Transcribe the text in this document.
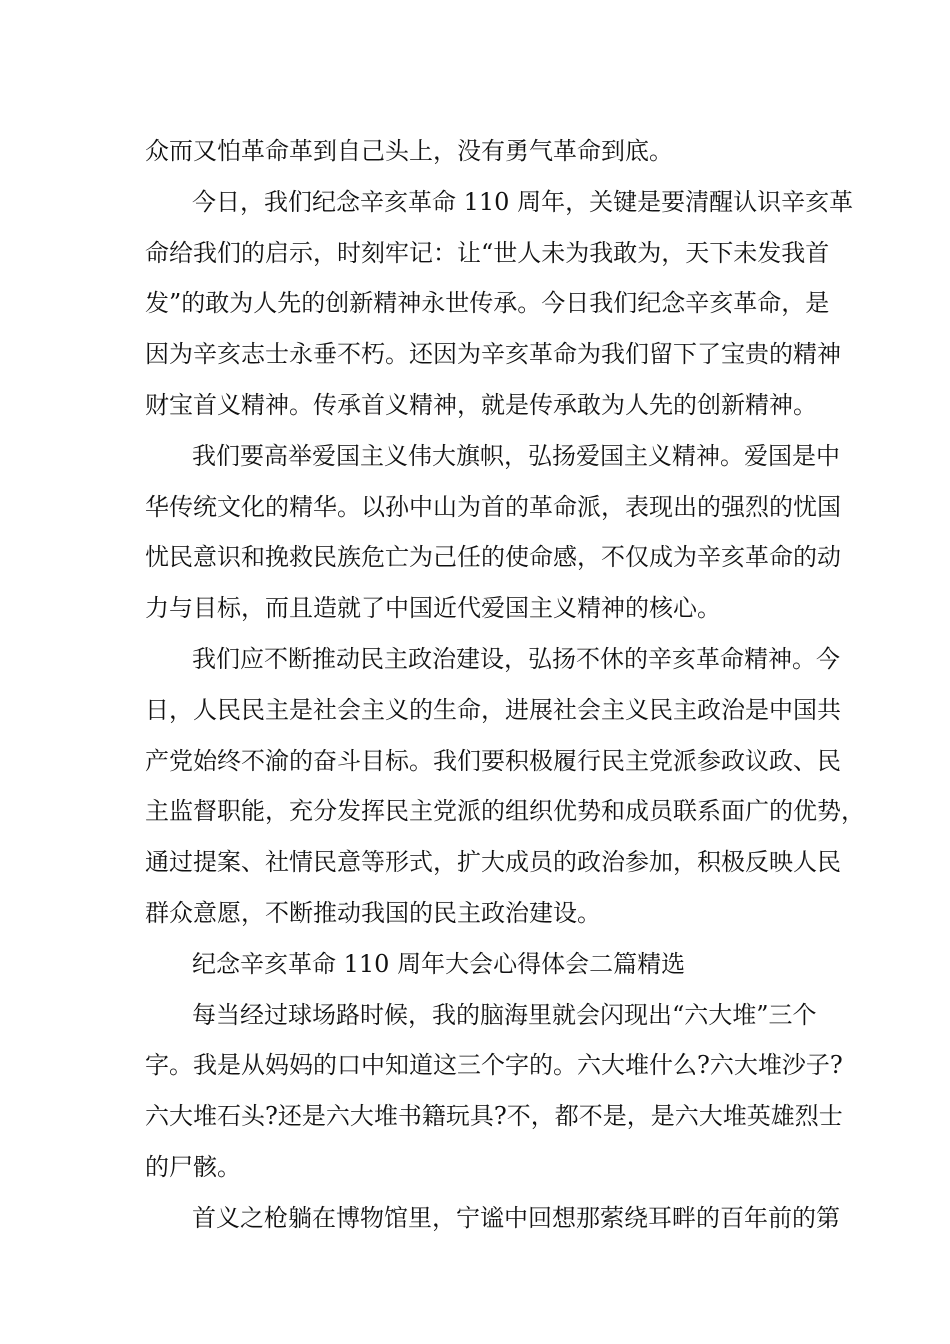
众而又怕革命革到自己头上，没有勇气革命到底。
今日，我们纪念辛亥革命 110 周年，关键是要清醒认识辛亥革
命给我们的启示，时刻牢记：让“世人未为我敢为，天下未发我首
发”的敢为人先的创新精神永世传承。今日我们纪念辛亥革命，是
因为辛亥志士永垂不朽。还因为辛亥革命为我们留下了宝贵的精神
财宝首义精神。传承首义精神，就是传承敢为人先的创新精神。
我们要高举爱国主义伟大旗帜，弘扬爱国主义精神。爱国是中
华传统文化的精华。以孙中山为首的革命派，表现出的强烈的忧国
忧民意识和挽救民族危亡为己任的使命感，不仅成为辛亥革命的动
力与目标，而且造就了中国近代爱国主义精神的核心。
我们应不断推动民主政治建设，弘扬不休的辛亥革命精神。今
日，人民民主是社会主义的生命，进展社会主义民主政治是中国共
产党始终不渝的奋斗目标。我们要积极履行民主党派参政议政、民
主监督职能，充分发挥民主党派的组织优势和成员联系面广的优势，
通过提案、社情民意等形式，扩大成员的政治参加，积极反映人民
群众意愿，不断推动我国的民主政治建设。
纪念辛亥革命 110 周年大会心得体会二篇精选
每当经过球场路时候，我的脑海里就会闪现出“六大堆”三个
字。我是从妈妈的口中知道这三个字的。六大堆什么?六大堆沙子?
六大堆石头?还是六大堆书籍玩具?不，都不是，是六大堆英雄烈士
的尸骸。
首义之枪躺在博物馆里，宁谧中回想那萦绕耳畔的百年前的第
